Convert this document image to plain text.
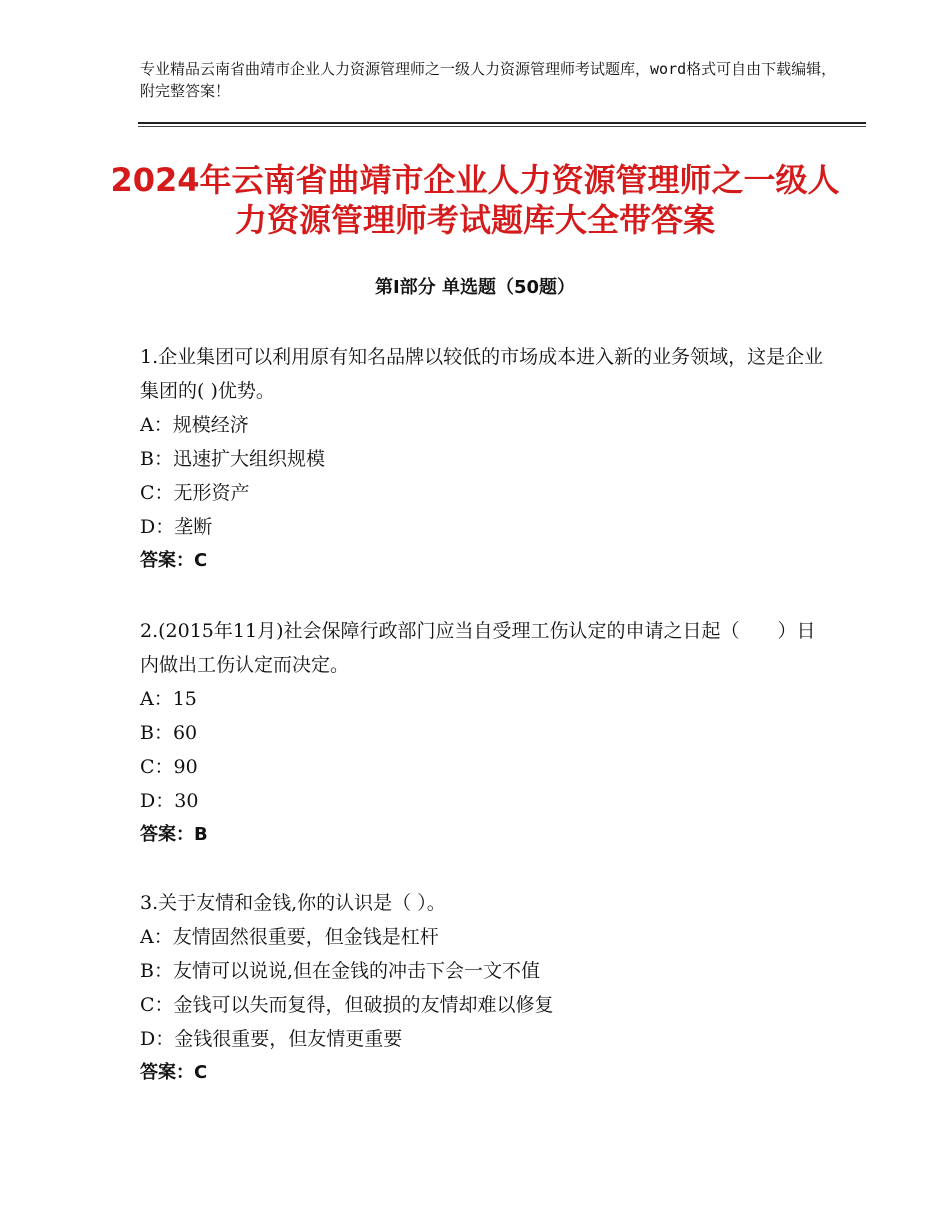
专业精品云南省曲靖市企业人力资源管理师之一级人力资源管理师考试题库，word格式可自由下载编辑，附完整答案！
2024年云南省曲靖市企业人力资源管理师之一级人力资源管理师考试题库大全带答案
第Ⅰ部分 单选题（50题）
1.企业集团可以利用原有知名品牌以较低的市场成本进入新的业务领域，这是企业集团的( )优势。
A：规模经济
B：迅速扩大组织规模
C：无形资产
D：垄断
答案：C
2.(2015年11月)社会保障行政部门应当自受理工伤认定的申请之日起（　　）日内做出工伤认定而决定。
A：15
B：60
C：90
D：30
答案：B
3.关于友情和金钱,你的认识是（ ）。
A：友情固然很重要，但金钱是杠杆
B：友情可以说说,但在金钱的冲击下会一文不值
C：金钱可以失而复得，但破损的友情却难以修复
D：金钱很重要，但友情更重要
答案：C
